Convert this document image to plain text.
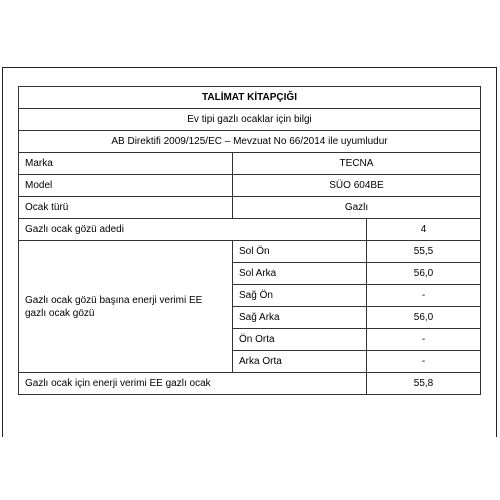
TALİMAT KİTAPÇIĞI		
Ev tipi gazlı ocaklar için bilgi		
AB Direktifi 2009/125/EC – Mevzuat No 66/2014 ile uyumludur		
Marka	TECNA	
Model	SÜO 604BE	
Ocak türü	Gazlı	
Gazlı ocak gözü adedi		4
Gazlı ocak gözü başına enerji verimi EE gazlı ocak gözü	Sol Ön	55,5
	Sol Arka	56,0
	Sağ Ön	-
	Sağ Arka	56,0
	Ön Orta	-
	Arka Orta	-
Gazlı ocak için enerji verimi EE gazlı ocak		55,8
